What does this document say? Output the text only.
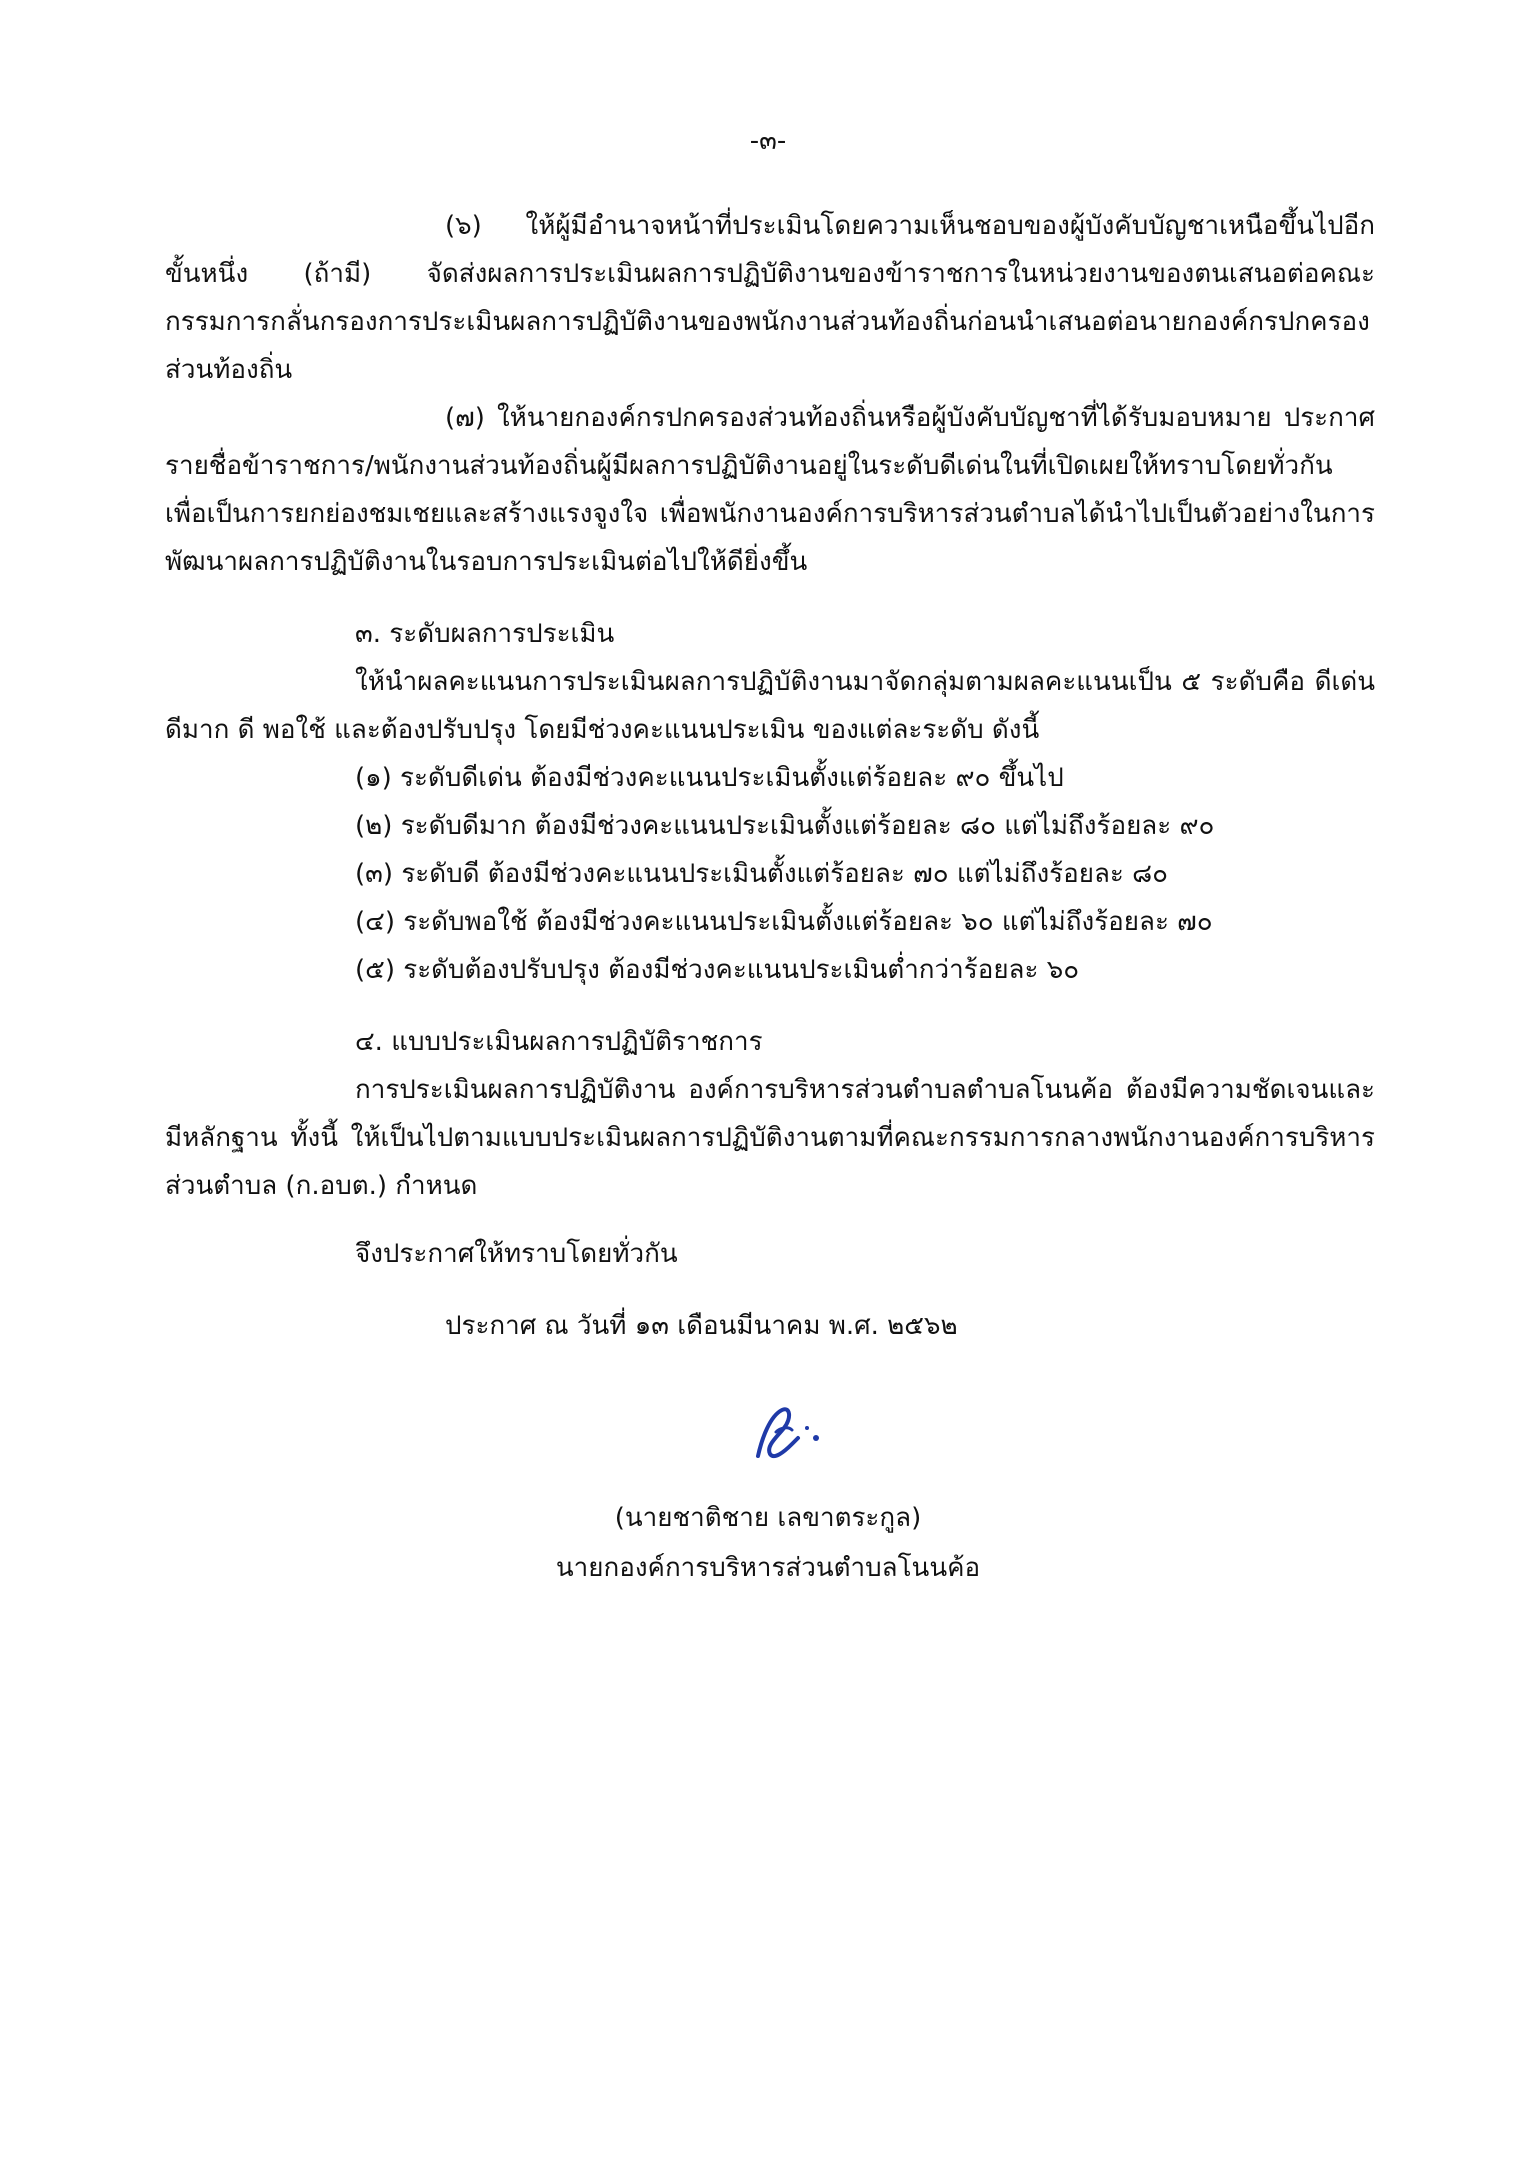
-๓-

(๖) ให้ผู้มีอำนาจหน้าที่ประเมินโดยความเห็นชอบของผู้บังคับบัญชาเหนือขึ้นไปอีกขั้นหนึ่ง (ถ้ามี) จัดส่งผลการประเมินผลการปฏิบัติงานของข้าราชการในหน่วยงานของตนเสนอต่อคณะกรรมการกลั่นกรองการประเมินผลการปฏิบัติงานของพนักงานส่วนท้องถิ่นก่อนนำเสนอต่อนายกองค์กรปกครองส่วนท้องถิ่น

(๗) ให้นายกองค์กรปกครองส่วนท้องถิ่นหรือผู้บังคับบัญชาที่ได้รับมอบหมาย ประกาศรายชื่อข้าราชการ/พนักงานส่วนท้องถิ่นผู้มีผลการปฏิบัติงานอยู่ในระดับดีเด่นในที่เปิดเผยให้ทราบโดยทั่วกัน เพื่อเป็นการยกย่องชมเชยและสร้างแรงจูงใจ เพื่อพนักงานองค์การบริหารส่วนตำบลได้นำไปเป็นตัวอย่างในการพัฒนาผลการปฏิบัติงานในรอบการประเมินต่อไปให้ดียิ่งขึ้น

๓. ระดับผลการประเมิน

ให้นำผลคะแนนการประเมินผลการปฏิบัติงานมาจัดกลุ่มตามผลคะแนนเป็น ๕ ระดับคือ ดีเด่น ดีมาก ดี พอใช้ และต้องปรับปรุง โดยมีช่วงคะแนนประเมิน ของแต่ละระดับ ดังนี้

(๑) ระดับดีเด่น ต้องมีช่วงคะแนนประเมินตั้งแต่ร้อยละ ๙๐ ขึ้นไป
(๒) ระดับดีมาก ต้องมีช่วงคะแนนประเมินตั้งแต่ร้อยละ ๘๐ แต่ไม่ถึงร้อยละ ๙๐
(๓) ระดับดี ต้องมีช่วงคะแนนประเมินตั้งแต่ร้อยละ ๗๐ แต่ไม่ถึงร้อยละ ๘๐
(๔) ระดับพอใช้ ต้องมีช่วงคะแนนประเมินตั้งแต่ร้อยละ ๖๐ แต่ไม่ถึงร้อยละ ๗๐
(๕) ระดับต้องปรับปรุง ต้องมีช่วงคะแนนประเมินต่ำกว่าร้อยละ ๖๐
๔. แบบประเมินผลการปฏิบัติราชการ

การประเมินผลการปฏิบัติงาน องค์การบริหารส่วนตำบลตำบลโนนค้อ ต้องมีความชัดเจนและมีหลักฐาน ทั้งนี้ ให้เป็นไปตามแบบประเมินผลการปฏิบัติงานตามที่คณะกรรมการกลางพนักงานองค์การบริหารส่วนตำบล (ก.อบต.) กำหนด

จึงประกาศให้ทราบโดยทั่วกัน
ประกาศ ณ วันที่ ๑๓ เดือนมีนาคม พ.ศ. ๒๕๖๒
(นายชาติชาย เลขาตระกูล)
นายกองค์การบริหารส่วนตำบลโนนค้อ
